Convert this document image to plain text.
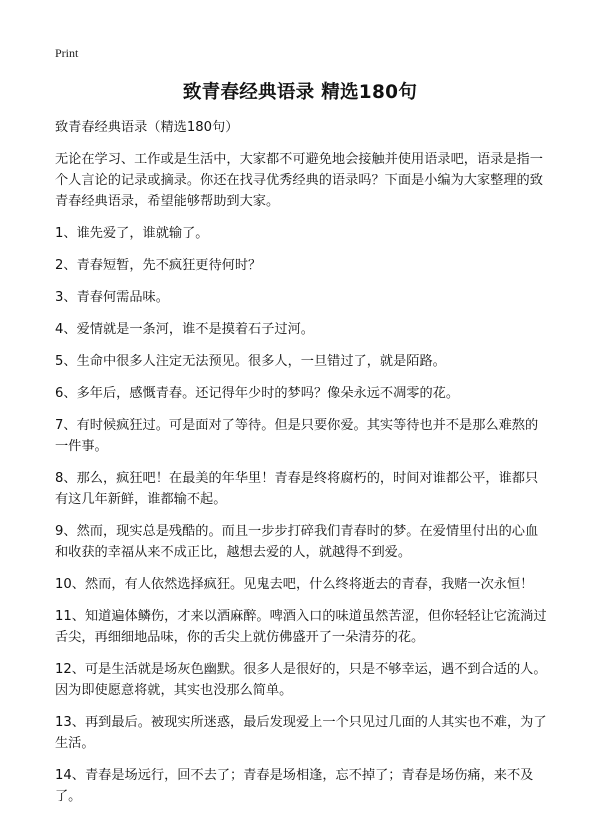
Print
致青春经典语录 精选180句

致青春经典语录（精选180句）

无论在学习、工作或是生活中，大家都不可避免地会接触并使用语录吧，语录是指一个人言论的记录或摘录。你还在找寻优秀经典的语录吗？下面是小编为大家整理的致青春经典语录，希望能够帮助到大家。

1、谁先爱了，谁就输了。
2、青春短暂，先不疯狂更待何时？
3、青春何需品味。
4、爱情就是一条河，谁不是摸着石子过河。
5、生命中很多人注定无法预见。很多人，一旦错过了，就是陌路。
6、多年后，感慨青春。还记得年少时的梦吗？像朵永远不凋零的花。
7、有时候疯狂过。可是面对了等待。但是只要你爱。其实等待也并不是那么难熬的一件事。
8、那么，疯狂吧！在最美的年华里！青春是终将腐朽的，时间对谁都公平，谁都只有这几年新鲜，谁都输不起。
9、然而，现实总是残酷的。而且一步步打碎我们青春时的梦。在爱情里付出的心血和收获的幸福从来不成正比，越想去爱的人，就越得不到爱。
10、然而，有人依然选择疯狂。见鬼去吧，什么终将逝去的青春，我赌一次永恒！
11、知道遍体鳞伤，才来以酒麻醉。啤酒入口的味道虽然苦涩，但你轻轻让它流淌过舌尖，再细细地品味，你的舌尖上就仿佛盛开了一朵清芬的花。
12、可是生活就是场灰色幽默。很多人是很好的，只是不够幸运，遇不到合适的人。因为即使愿意将就，其实也没那么简单。
13、再到最后。被现实所迷惑，最后发现爱上一个只见过几面的人其实也不难，为了生活。
14、青春是场远行，回不去了；青春是场相逢，忘不掉了；青春是场伤痛，来不及了。
